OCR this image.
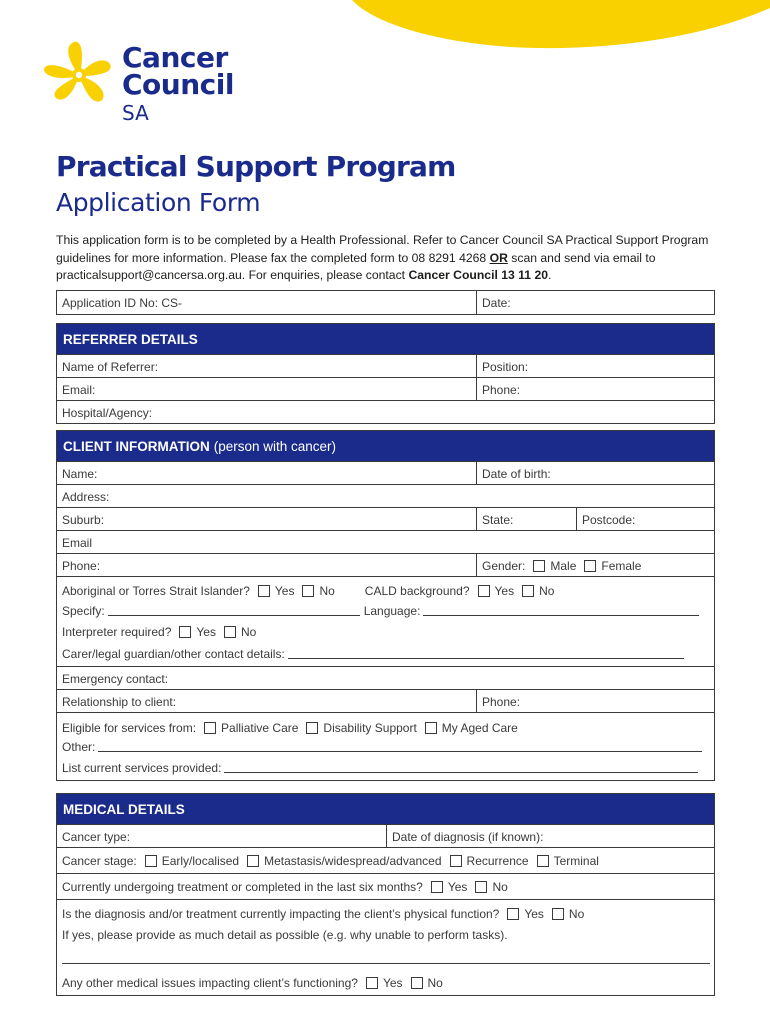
Cancer
Council
SA
Practical Support Program
Application Form

This application form is to be completed by a Health Professional. Refer to Cancer Council SA Practical Support Program guidelines for more information. Please fax the completed form to 08 8291 4268 OR scan and send via email to practicalsupport@cancersa.org.au. For enquiries, please contact Cancer Council 13 11 20.

Application ID No: CS-	Date:
REFERRER DETAILS
Name of Referrer:	Position:
Email:	Phone:
Hospital/Agency:
CLIENT INFORMATION (person with cancer)
Name:	Date of birth:
Address:
Suburb:	State:	Postcode:
Email
Phone:	Gender: Male Female
Aboriginal or Torres Strait Islander? Yes No	CALD background? Yes No
Specify:	Language:
Interpreter required? Yes No
Carer/legal guardian/other contact details:
Emergency contact:
Relationship to client:	Phone:
Eligible for services from: Palliative Care Disability Support My Aged Care
Other:
List current services provided:
MEDICAL DETAILS
Cancer type:	Date of diagnosis (if known):
Cancer stage: Early/localised Metastasis/widespread/advanced Recurrence Terminal
Currently undergoing treatment or completed in the last six months? Yes No
Is the diagnosis and/or treatment currently impacting the client’s physical function? Yes No
If yes, please provide as much detail as possible (e.g. why unable to perform tasks).
Any other medical issues impacting client’s functioning? Yes No
